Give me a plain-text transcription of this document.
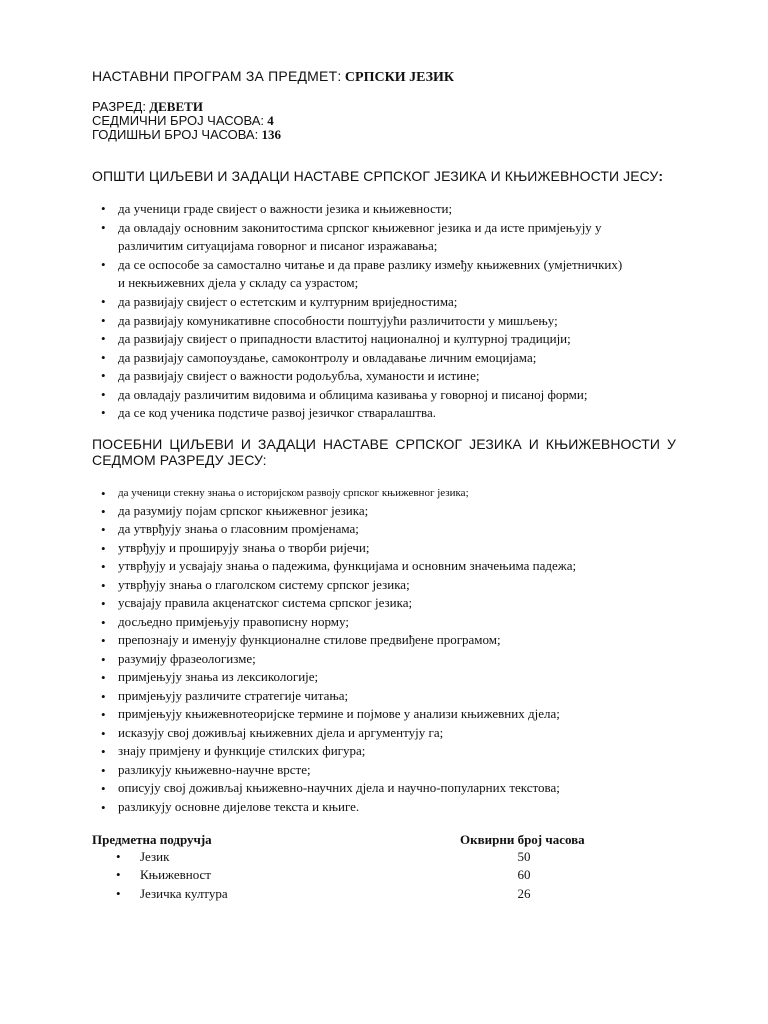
НАСТАВНИ ПРОГРАМ ЗА ПРЕДМЕТ: СРПСКИ ЈЕЗИК
РАЗРЕД: ДЕВЕТИ
СЕДМИЧНИ БРОЈ ЧАСОВА: 4
ГОДИШЊИ БРОЈ ЧАСОВА: 136
ОПШТИ ЦИЉЕВИ И ЗАДАЦИ НАСТАВЕ СРПСКОГ ЈЕЗИКА И КЊИЖЕВНОСТИ ЈЕСУ:
• да ученици граде свијест о важности језика и књижевности;
• да овладају основним законитостима српског књижевног језика и да исте примјењују у
различитим ситуацијама говорног и писаног изражавања;
• да се оспособе за самостално читање и да праве разлику између књижевних (умјетничких)
и некњижевних дјела у складу са узрастом;
• да развијају свијест о естетским и културним вриједностима;
• да развијају комуникативне способности поштујући различитости у мишљењу;
• да развијају свијест о припадности властитој националној и културној традицији;
• да развијају самопоуздање, самоконтролу и овладавање личним емоцијама;
• да развијају свијест о важности родољубља, хуманости и истине;
• да овладају различитим видовима и облицима казивања у говорној и писаној форми;
• да се код ученика подстиче развој језичког стваралаштва.
ПОСЕБНИ ЦИЉЕВИ И ЗАДАЦИ НАСТАВЕ СРПСКОГ ЈЕЗИКА И КЊИЖЕВНОСТИ У
СЕДМОМ РАЗРЕДУ ЈЕСУ:
• да ученици стекну знања о историјском развоју српског књижевног језика;
• да разумију појам српског књижевног језика;
• да утврђују знања о гласовним промјенама;
• утврђују и проширују знања о творби ријечи;
• утврђују и усвајају знања о падежима, функцијама и основним значењима падежа;
• утврђују знања о глаголском систему српског језика;
• усвајају правила акценатског система српског језика;
• досљедно примјењују правописну норму;
• препознају и именују функционалне стилове предвиђене програмом;
• разумију фразеологизме;
• примјењују знања из лексикологије;
• примјењују различите стратегије читања;
• примјењују књижевнотеоријске термине и појмове у анализи књижевних дјела;
• исказују свој доживљај књижевних дјела и аргументују га;
• знају примјену и функције стилских фигура;
• разликују књижевно-научне врсте;
• описују свој доживљај књижевно-научних дјела и научно-популарних текстова;
• разликују основне дијелове текста и књиге.
Предметна подручја	Оквирни број часова
• Језик	50
• Књижевност	60
• Језичка култура	26
